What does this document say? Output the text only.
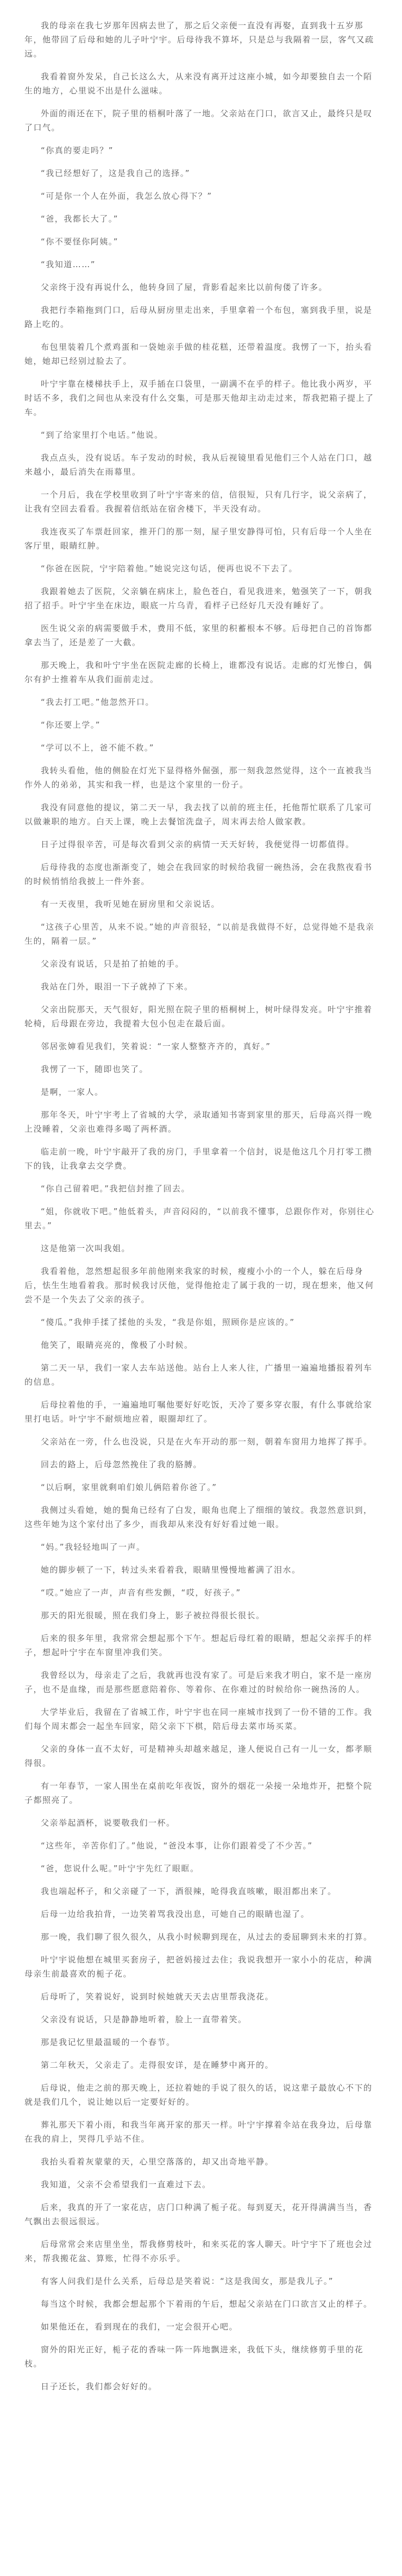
我的母亲在我七岁那年因病去世了，那之后父亲便一直没有再娶，直到我十五岁那年，他带回了后母和她的儿子叶宁宇。后母待我不算坏，只是总与我隔着一层，客气又疏远。

我看着窗外发呆，自己长这么大，从来没有离开过这座小城，如今却要独自去一个陌生的地方，心里说不出是什么滋味。

外面的雨还在下，院子里的梧桐叶落了一地。父亲站在门口，欲言又止，最终只是叹了口气。

“你真的要走吗？”

“我已经想好了，这是我自己的选择。”

“可是你一个人在外面，我怎么放心得下？”

“爸，我都长大了。”

“你不要怪你阿姨。”

“我知道……”

父亲终于没有再说什么，他转身回了屋，背影看起来比以前佝偻了许多。

我把行李箱拖到门口，后母从厨房里走出来，手里拿着一个布包，塞到我手里，说是路上吃的。

布包里装着几个煮鸡蛋和一袋她亲手做的桂花糕，还带着温度。我愣了一下，抬头看她，她却已经别过脸去了。

叶宁宇靠在楼梯扶手上，双手插在口袋里，一副满不在乎的样子。他比我小两岁，平时话不多，我们之间也从来没有什么交集，可是那天他却主动走过来，帮我把箱子提上了车。

“到了给家里打个电话。”他说。

我点点头，没有说话。车子发动的时候，我从后视镜里看见他们三个人站在门口，越来越小，最后消失在雨幕里。

一个月后，我在学校里收到了叶宁宇寄来的信，信很短，只有几行字，说父亲病了，让我有空回去看看。我握着信纸站在宿舍楼下，半天没有动。

我连夜买了车票赶回家，推开门的那一刻，屋子里安静得可怕，只有后母一个人坐在客厅里，眼睛红肿。

“你爸在医院，宁宇陪着他。”她说完这句话，便再也说不下去了。

我跟着她去了医院，父亲躺在病床上，脸色苍白，看见我进来，勉强笑了一下，朝我招了招手。叶宁宇坐在床边，眼底一片乌青，看样子已经好几天没有睡好了。

医生说父亲的病需要做手术，费用不低，家里的积蓄根本不够。后母把自己的首饰都拿去当了，还是差了一大截。

那天晚上，我和叶宁宇坐在医院走廊的长椅上，谁都没有说话。走廊的灯光惨白，偶尔有护士推着车从我们面前走过。

“我去打工吧。”他忽然开口。

“你还要上学。”

“学可以不上，爸不能不救。”

我转头看他，他的侧脸在灯光下显得格外倔强，那一刻我忽然觉得，这个一直被我当作外人的弟弟，其实和我一样，也是这个家里的一份子。

我没有同意他的提议，第二天一早，我去找了以前的班主任，托他帮忙联系了几家可以做兼职的地方。白天上课，晚上去餐馆洗盘子，周末再去给人做家教。

日子过得很辛苦，可是每次看到父亲的病情一天天好转，我便觉得一切都值得。

后母待我的态度也渐渐变了，她会在我回家的时候给我留一碗热汤，会在我熬夜看书的时候悄悄给我披上一件外套。

有一天夜里，我听见她在厨房里和父亲说话。

“这孩子心里苦，从来不说。”她的声音很轻，“以前是我做得不好，总觉得她不是我亲生的，隔着一层。”

父亲没有说话，只是拍了拍她的手。

我站在门外，眼泪一下子就掉了下来。

父亲出院那天，天气很好，阳光照在院子里的梧桐树上，树叶绿得发亮。叶宁宇推着轮椅，后母跟在旁边，我提着大包小包走在最后面。

邻居张婶看见我们，笑着说：“一家人整整齐齐的，真好。”

我愣了一下，随即也笑了。

是啊，一家人。

那年冬天，叶宁宇考上了省城的大学，录取通知书寄到家里的那天，后母高兴得一晚上没睡着，父亲也难得多喝了两杯酒。

临走前一晚，叶宁宇敲开了我的房门，手里拿着一个信封，说是他这几个月打零工攒下的钱，让我拿去交学费。

“你自己留着吧。”我把信封推了回去。

“姐，你就收下吧。”他低着头，声音闷闷的，“以前我不懂事，总跟你作对，你别往心里去。”

这是他第一次叫我姐。

我看着他，忽然想起很多年前他刚来我家的时候，瘦瘦小小的一个人，躲在后母身后，怯生生地看着我。那时候我讨厌他，觉得他抢走了属于我的一切，现在想来，他又何尝不是一个失去了父亲的孩子。

“傻瓜。”我伸手揉了揉他的头发，“我是你姐，照顾你是应该的。”

他笑了，眼睛亮亮的，像极了小时候。

第二天一早，我们一家人去车站送他。站台上人来人往，广播里一遍遍地播报着列车的信息。

后母拉着他的手，一遍遍地叮嘱他要好好吃饭，天冷了要多穿衣服，有什么事就给家里打电话。叶宁宇不耐烦地应着，眼圈却红了。

父亲站在一旁，什么也没说，只是在火车开动的那一刻，朝着车窗用力地挥了挥手。

回去的路上，后母忽然挽住了我的胳膊。

“以后啊，家里就剩咱们娘儿俩陪着你爸了。”

我侧过头看她，她的鬓角已经有了白发，眼角也爬上了细细的皱纹。我忽然意识到，这些年她为这个家付出了多少，而我却从来没有好好看过她一眼。

“妈。”我轻轻地叫了一声。

她的脚步顿了一下，转过头来看着我，眼睛里慢慢地蓄满了泪水。

“哎。”她应了一声，声音有些发颤，“哎，好孩子。”

那天的阳光很暖，照在我们身上，影子被拉得很长很长。

后来的很多年里，我常常会想起那个下午。想起后母红着的眼睛，想起父亲挥手的样子，想起叶宁宇在车窗里冲我们笑。

我曾经以为，母亲走了之后，我就再也没有家了。可是后来我才明白，家不是一座房子，也不是血缘，而是那些愿意陪着你、等着你、在你难过的时候给你一碗热汤的人。

大学毕业后，我留在了省城工作，叶宁宇也在同一座城市找到了一份不错的工作。我们每个周末都会一起坐车回家，陪父亲下下棋，陪后母去菜市场买菜。

父亲的身体一直不太好，可是精神头却越来越足，逢人便说自己有一儿一女，都孝顺得很。

有一年春节，一家人围坐在桌前吃年夜饭，窗外的烟花一朵接一朵地炸开，把整个院子都照亮了。

父亲举起酒杯，说要敬我们一杯。

“这些年，辛苦你们了。”他说，“爸没本事，让你们跟着受了不少苦。”

“爸，您说什么呢。”叶宁宇先红了眼眶。

我也端起杯子，和父亲碰了一下，酒很辣，呛得我直咳嗽，眼泪都出来了。

后母一边给我拍背，一边笑着骂我没出息，可她自己的眼睛也湿了。

那一晚，我们聊了很久很久，从我小时候聊到现在，从过去的委屈聊到未来的打算。

叶宁宇说他想在城里买套房子，把爸妈接过去住；我说我想开一家小小的花店，种满母亲生前最喜欢的栀子花。

后母听了，笑着说好，说到时候她就天天去店里帮我浇花。

父亲没有说话，只是静静地听着，脸上一直带着笑。

那是我记忆里最温暖的一个春节。

第二年秋天，父亲走了。走得很安详，是在睡梦中离开的。

后母说，他走之前的那天晚上，还拉着她的手说了很久的话，说这辈子最放心不下的就是我们几个，说让她以后一定要好好的。

葬礼那天下着小雨，和我当年离开家的那天一样。叶宁宇撑着伞站在我身边，后母靠在我的肩上，哭得几乎站不住。

我抬头看着灰蒙蒙的天，心里空落落的，却又出奇地平静。

我知道，父亲不会希望我们一直难过下去。

后来，我真的开了一家花店，店门口种满了栀子花。每到夏天，花开得满满当当，香气飘出去很远很远。

后母常常会来店里坐坐，帮我修剪枝叶，和来买花的客人聊天。叶宁宇下了班也会过来，帮我搬花盆、算账，忙得不亦乐乎。

有客人问我们是什么关系，后母总是笑着说：“这是我闺女，那是我儿子。”

每当这个时候，我都会想起那个下着雨的午后，想起父亲站在门口欲言又止的样子。

如果他还在，看到现在的我们，一定会很开心吧。

窗外的阳光正好，栀子花的香味一阵一阵地飘进来，我低下头，继续修剪手里的花枝。

日子还长，我们都会好好的。
